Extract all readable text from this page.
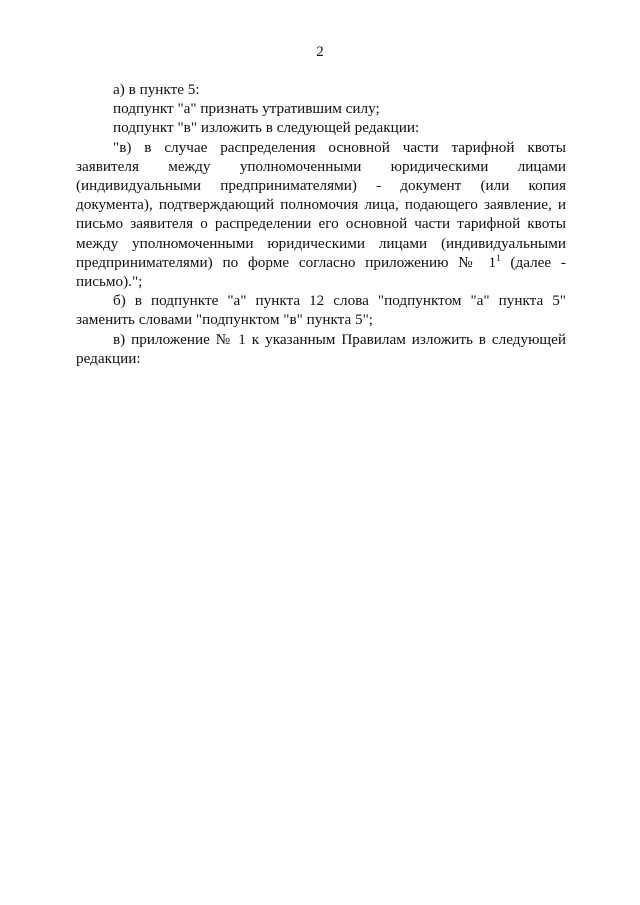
2

а) в пункте 5:

подпункт "а" признать утратившим силу;

подпункт "в" изложить в следующей редакции:

"в) в случае распределения основной части тарифной квоты заявителя между уполномоченными юридическими лицами (индивидуальными предпринимателями) - документ (или копия документа), подтверждающий полномочия лица, подающего заявление, и письмо заявителя о распределении его основной части тарифной квоты между уполномоченными юридическими лицами (индивидуальными предпринимателями) по форме согласно приложению № $1^1$ (далее - письмо).";

б) в подпункте "а" пункта 12 слова "подпунктом "а" пункта 5" заменить словами "подпунктом "в" пункта 5";

в) приложение № 1 к указанным Правилам изложить в следующей редакции:
